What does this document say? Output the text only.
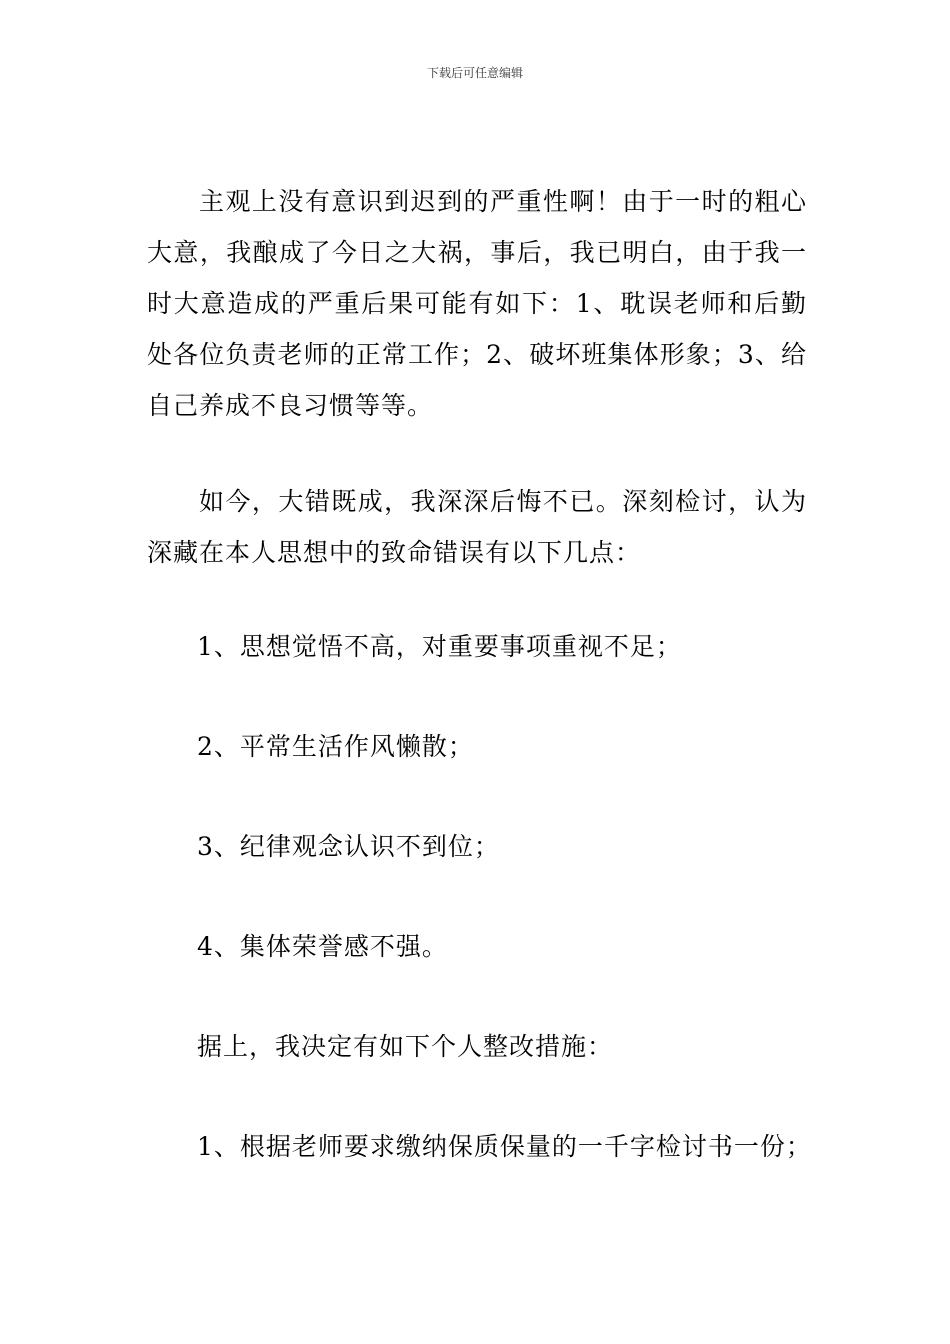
下载后可任意编辑
主观上没有意识到迟到的严重性啊！由于一时的粗心大意，我酿成了今日之大祸，事后，我已明白，由于我一时大意造成的严重后果可能有如下：1、耽误老师和后勤处各位负责老师的正常工作；2、破坏班集体形象；3、给自己养成不良习惯等等。
如今，大错既成，我深深后悔不已。深刻检讨，认为深藏在本人思想中的致命错误有以下几点：
1、思想觉悟不高，对重要事项重视不足；
2、平常生活作风懒散；
3、纪律观念认识不到位；
4、集体荣誉感不强。
据上，我决定有如下个人整改措施：
1、根据老师要求缴纳保质保量的一千字检讨书一份；
